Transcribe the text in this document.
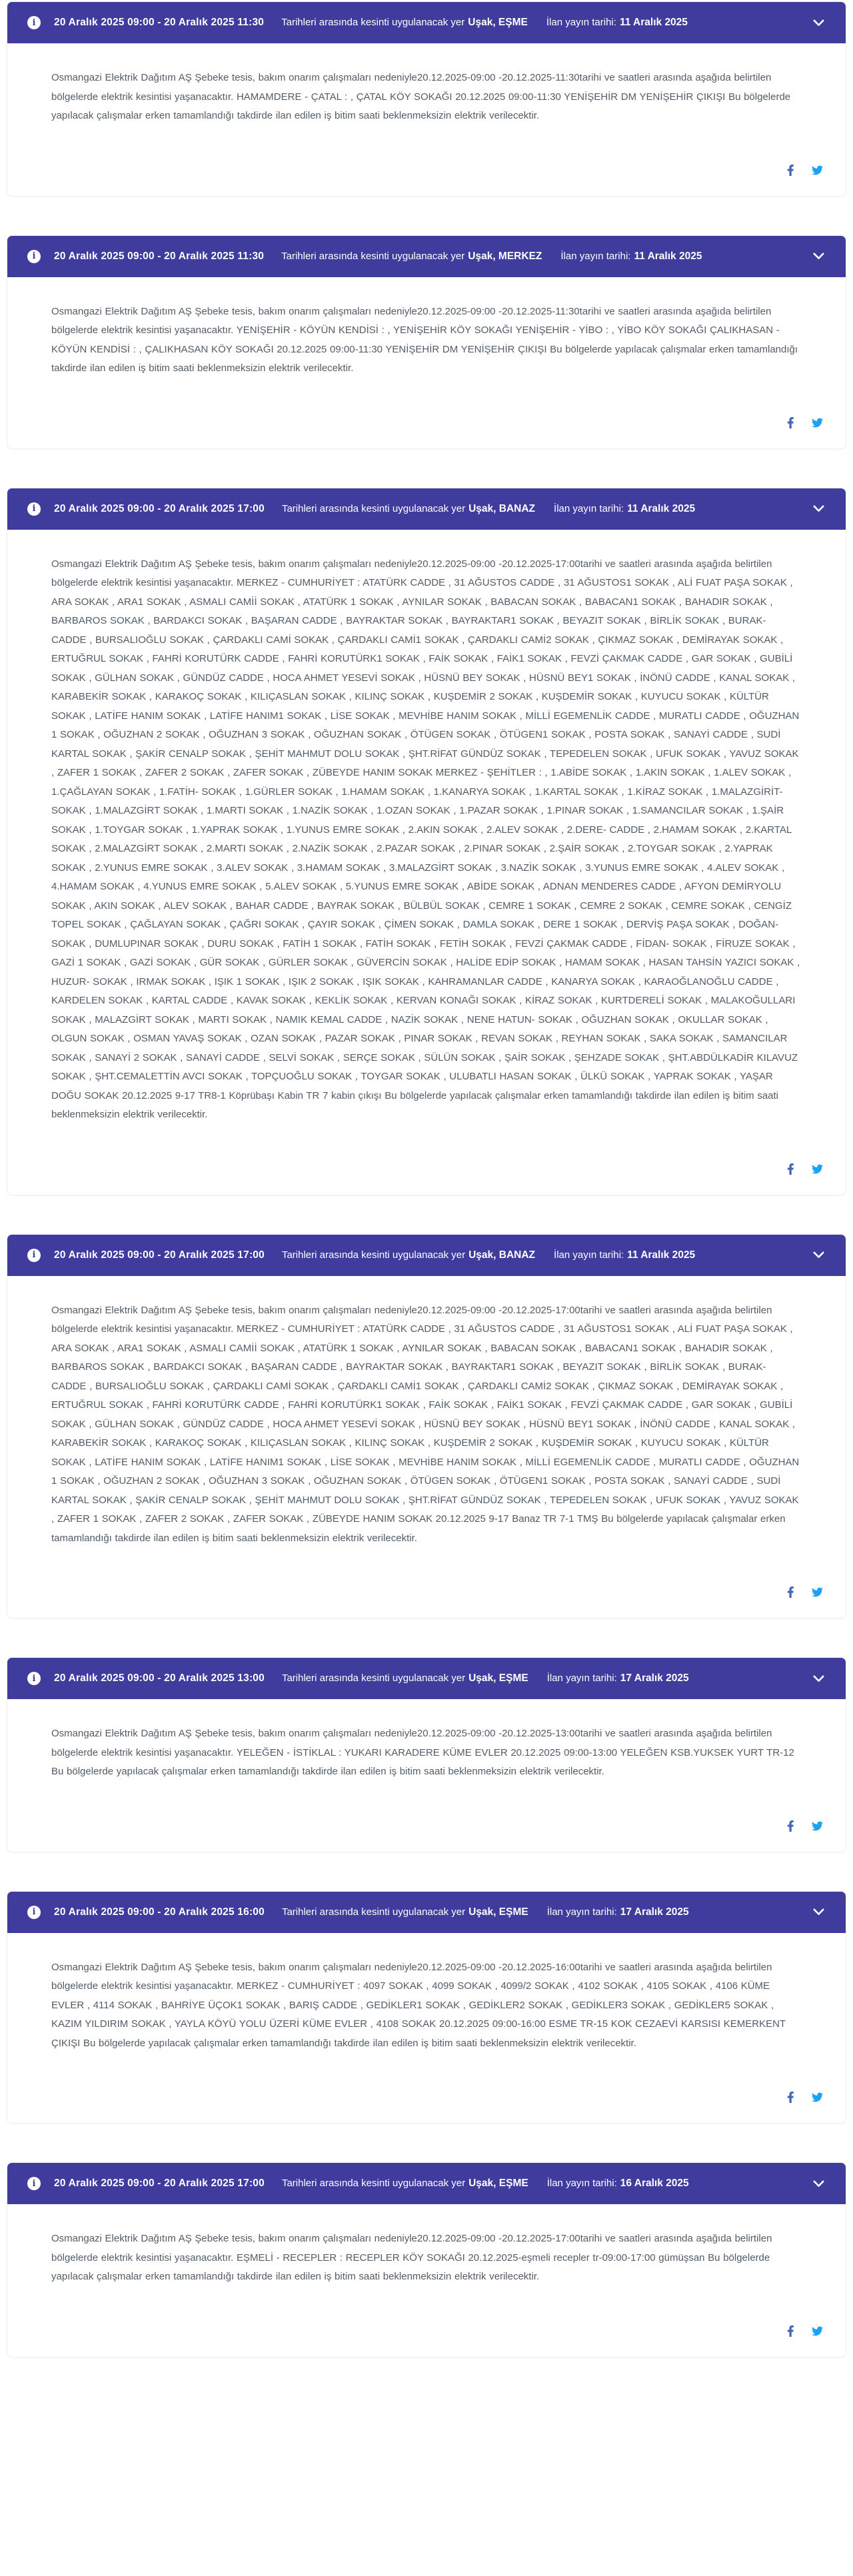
i 20 Aralık 2025 09:00 - 20 Aralık 2025 11:30 Tarihleri arasında kesinti uygulanacak yer Uşak, EŞME İlan yayın tarihi: 11 Aralık 2025
Osmangazi Elektrik Dağıtım AŞ Şebeke tesis, bakım onarım çalışmaları nedeniyle20.12.2025-09:00 -20.12.2025-11:30tarihi ve saatleri arasında aşağıda belirtilen bölgelerde elektrik kesintisi yaşanacaktır. HAMAMDERE - ÇATAL : , ÇATAL KÖY SOKAĞI 20.12.2025 09:00-11:30 YENİŞEHİR DM YENİŞEHİR ÇIKIŞI Bu bölgelerde yapılacak çalışmalar erken tamamlandığı takdirde ilan edilen iş bitim saati beklenmeksizin elektrik verilecektir.
i 20 Aralık 2025 09:00 - 20 Aralık 2025 11:30 Tarihleri arasında kesinti uygulanacak yer Uşak, MERKEZ İlan yayın tarihi: 11 Aralık 2025
Osmangazi Elektrik Dağıtım AŞ Şebeke tesis, bakım onarım çalışmaları nedeniyle20.12.2025-09:00 -20.12.2025-11:30tarihi ve saatleri arasında aşağıda belirtilen bölgelerde elektrik kesintisi yaşanacaktır. YENİŞEHİR - KÖYÜN KENDİSİ : , YENİŞEHİR KÖY SOKAĞI YENİŞEHİR - YİBO : , YİBO KÖY SOKAĞI ÇALIKHASAN - KÖYÜN KENDİSİ : , ÇALIKHASAN KÖY SOKAĞI 20.12.2025 09:00-11:30 YENİŞEHİR DM YENİŞEHİR ÇIKIŞI Bu bölgelerde yapılacak çalışmalar erken tamamlandığı takdirde ilan edilen iş bitim saati beklenmeksizin elektrik verilecektir.
i 20 Aralık 2025 09:00 - 20 Aralık 2025 17:00 Tarihleri arasında kesinti uygulanacak yer Uşak, BANAZ İlan yayın tarihi: 11 Aralık 2025
Osmangazi Elektrik Dağıtım AŞ Şebeke tesis, bakım onarım çalışmaları nedeniyle20.12.2025-09:00 -20.12.2025-17:00tarihi ve saatleri arasında aşağıda belirtilen bölgelerde elektrik kesintisi yaşanacaktır. MERKEZ - CUMHURİYET : ATATÜRK CADDE , 31 AĞUSTOS CADDE , 31 AĞUSTOS1 SOKAK , ALİ FUAT PAŞA SOKAK , ARA SOKAK , ARA1 SOKAK , ASMALI CAMİİ SOKAK , ATATÜRK 1 SOKAK , AYNILAR SOKAK , BABACAN SOKAK , BABACAN1 SOKAK , BAHADIR SOKAK , BARBAROS SOKAK , BARDAKCI SOKAK , BAŞARAN CADDE , BAYRAKTAR SOKAK , BAYRAKTAR1 SOKAK , BEYAZIT SOKAK , BİRLİK SOKAK , BURAK- CADDE , BURSALIOĞLU SOKAK , ÇARDAKLI CAMİ SOKAK , ÇARDAKLI CAMİ1 SOKAK , ÇARDAKLI CAMİ2 SOKAK , ÇIKMAZ SOKAK , DEMİRAYAK SOKAK , ERTUĞRUL SOKAK , FAHRİ KORUTÜRK CADDE , FAHRİ KORUTÜRK1 SOKAK , FAİK SOKAK , FAİK1 SOKAK , FEVZİ ÇAKMAK CADDE , GAR SOKAK , GUBİLİ SOKAK , GÜLHAN SOKAK , GÜNDÜZ CADDE , HOCA AHMET YESEVİ SOKAK , HÜSNÜ BEY SOKAK , HÜSNÜ BEY1 SOKAK , İNÖNÜ CADDE , KANAL SOKAK , KARABEKİR SOKAK , KARAKOÇ SOKAK , KILIÇASLAN SOKAK , KILINÇ SOKAK , KUŞDEMİR 2 SOKAK , KUŞDEMİR SOKAK , KUYUCU SOKAK , KÜLTÜR SOKAK , LATİFE HANIM SOKAK , LATİFE HANIM1 SOKAK , LİSE SOKAK , MEVHİBE HANIM SOKAK , MİLLİ EGEMENLİK CADDE , MURATLI CADDE , OĞUZHAN 1 SOKAK , OĞUZHAN 2 SOKAK , OĞUZHAN 3 SOKAK , OĞUZHAN SOKAK , ÖTÜGEN SOKAK , ÖTÜGEN1 SOKAK , POSTA SOKAK , SANAYİ CADDE , SUDİ KARTAL SOKAK , ŞAKİR CENALP SOKAK , ŞEHİT MAHMUT DOLU SOKAK , ŞHT.RİFAT GÜNDÜZ SOKAK , TEPEDELEN SOKAK , UFUK SOKAK , YAVUZ SOKAK , ZAFER 1 SOKAK , ZAFER 2 SOKAK , ZAFER SOKAK , ZÜBEYDE HANIM SOKAK MERKEZ - ŞEHİTLER : , 1.ABİDE SOKAK , 1.AKIN SOKAK , 1.ALEV SOKAK , 1.ÇAĞLAYAN SOKAK , 1.FATİH- SOKAK , 1.GÜRLER SOKAK , 1.HAMAM SOKAK , 1.KANARYA SOKAK , 1.KARTAL SOKAK , 1.KİRAZ SOKAK , 1.MALAZGİRİT- SOKAK , 1.MALAZGİRT SOKAK , 1.MARTI SOKAK , 1.NAZİK SOKAK , 1.OZAN SOKAK , 1.PAZAR SOKAK , 1.PINAR SOKAK , 1.SAMANCILAR SOKAK , 1.ŞAİR SOKAK , 1.TOYGAR SOKAK , 1.YAPRAK SOKAK , 1.YUNUS EMRE SOKAK , 2.AKIN SOKAK , 2.ALEV SOKAK , 2.DERE- CADDE , 2.HAMAM SOKAK , 2.KARTAL SOKAK , 2.MALAZGİRT SOKAK , 2.MARTI SOKAK , 2.NAZİK SOKAK , 2.PAZAR SOKAK , 2.PINAR SOKAK , 2.ŞAİR SOKAK , 2.TOYGAR SOKAK , 2.YAPRAK SOKAK , 2.YUNUS EMRE SOKAK , 3.ALEV SOKAK , 3.HAMAM SOKAK , 3.MALAZGİRT SOKAK , 3.NAZİK SOKAK , 3.YUNUS EMRE SOKAK , 4.ALEV SOKAK , 4.HAMAM SOKAK , 4.YUNUS EMRE SOKAK , 5.ALEV SOKAK , 5.YUNUS EMRE SOKAK , ABİDE SOKAK , ADNAN MENDERES CADDE , AFYON DEMİRYOLU SOKAK , AKIN SOKAK , ALEV SOKAK , BAHAR CADDE , BAYRAK SOKAK , BÜLBÜL SOKAK , CEMRE 1 SOKAK , CEMRE 2 SOKAK , CEMRE SOKAK , CENGİZ TOPEL SOKAK , ÇAĞLAYAN SOKAK , ÇAĞRI SOKAK , ÇAYIR SOKAK , ÇİMEN SOKAK , DAMLA SOKAK , DERE 1 SOKAK , DERVİŞ PAŞA SOKAK , DOĞAN- SOKAK , DUMLUPINAR SOKAK , DURU SOKAK , FATİH 1 SOKAK , FATİH SOKAK , FETİH SOKAK , FEVZİ ÇAKMAK CADDE , FİDAN- SOKAK , FİRUZE SOKAK , GAZİ 1 SOKAK , GAZİ SOKAK , GÜR SOKAK , GÜRLER SOKAK , GÜVERCİN SOKAK , HALİDE EDİP SOKAK , HAMAM SOKAK , HASAN TAHSİN YAZICI SOKAK , HUZUR- SOKAK , IRMAK SOKAK , IŞIK 1 SOKAK , IŞIK 2 SOKAK , IŞIK SOKAK , KAHRAMANLAR CADDE , KANARYA SOKAK , KARAOĞLANOĞLU CADDE , KARDELEN SOKAK , KARTAL CADDE , KAVAK SOKAK , KEKLİK SOKAK , KERVAN KONAĞI SOKAK , KİRAZ SOKAK , KURTDERELİ SOKAK , MALAKOĞULLARI SOKAK , MALAZGİRT SOKAK , MARTI SOKAK , NAMIK KEMAL CADDE , NAZİK SOKAK , NENE HATUN- SOKAK , OĞUZHAN SOKAK , OKULLAR SOKAK , OLGUN SOKAK , OSMAN YAVAŞ SOKAK , OZAN SOKAK , PAZAR SOKAK , PINAR SOKAK , REVAN SOKAK , REYHAN SOKAK , SAKA SOKAK , SAMANCILAR SOKAK , SANAYİ 2 SOKAK , SANAYİ CADDE , SELVİ SOKAK , SERÇE SOKAK , SÜLÜN SOKAK , ŞAİR SOKAK , ŞEHZADE SOKAK , ŞHT.ABDÜLKADİR KILAVUZ SOKAK , ŞHT.CEMALETTİN AVCI SOKAK , TOPÇUOĞLU SOKAK , TOYGAR SOKAK , ULUBATLI HASAN SOKAK , ÜLKÜ SOKAK , YAPRAK SOKAK , YAŞAR DOĞU SOKAK 20.12.2025 9-17 TR8-1 Köprübaşı Kabin TR 7 kabin çıkışı Bu bölgelerde yapılacak çalışmalar erken tamamlandığı takdirde ilan edilen iş bitim saati beklenmeksizin elektrik verilecektir.
i 20 Aralık 2025 09:00 - 20 Aralık 2025 17:00 Tarihleri arasında kesinti uygulanacak yer Uşak, BANAZ İlan yayın tarihi: 11 Aralık 2025
Osmangazi Elektrik Dağıtım AŞ Şebeke tesis, bakım onarım çalışmaları nedeniyle20.12.2025-09:00 -20.12.2025-17:00tarihi ve saatleri arasında aşağıda belirtilen bölgelerde elektrik kesintisi yaşanacaktır. MERKEZ - CUMHURİYET : ATATÜRK CADDE , 31 AĞUSTOS CADDE , 31 AĞUSTOS1 SOKAK , ALİ FUAT PAŞA SOKAK , ARA SOKAK , ARA1 SOKAK , ASMALI CAMİİ SOKAK , ATATÜRK 1 SOKAK , AYNILAR SOKAK , BABACAN SOKAK , BABACAN1 SOKAK , BAHADIR SOKAK , BARBAROS SOKAK , BARDAKCI SOKAK , BAŞARAN CADDE , BAYRAKTAR SOKAK , BAYRAKTAR1 SOKAK , BEYAZIT SOKAK , BİRLİK SOKAK , BURAK- CADDE , BURSALIOĞLU SOKAK , ÇARDAKLI CAMİ SOKAK , ÇARDAKLI CAMİ1 SOKAK , ÇARDAKLI CAMİ2 SOKAK , ÇIKMAZ SOKAK , DEMİRAYAK SOKAK , ERTUĞRUL SOKAK , FAHRİ KORUTÜRK CADDE , FAHRİ KORUTÜRK1 SOKAK , FAİK SOKAK , FAİK1 SOKAK , FEVZİ ÇAKMAK CADDE , GAR SOKAK , GUBİLİ SOKAK , GÜLHAN SOKAK , GÜNDÜZ CADDE , HOCA AHMET YESEVİ SOKAK , HÜSNÜ BEY SOKAK , HÜSNÜ BEY1 SOKAK , İNÖNÜ CADDE , KANAL SOKAK , KARABEKİR SOKAK , KARAKOÇ SOKAK , KILIÇASLAN SOKAK , KILINÇ SOKAK , KUŞDEMİR 2 SOKAK , KUŞDEMİR SOKAK , KUYUCU SOKAK , KÜLTÜR SOKAK , LATİFE HANIM SOKAK , LATİFE HANIM1 SOKAK , LİSE SOKAK , MEVHİBE HANIM SOKAK , MİLLİ EGEMENLİK CADDE , MURATLI CADDE , OĞUZHAN 1 SOKAK , OĞUZHAN 2 SOKAK , OĞUZHAN 3 SOKAK , OĞUZHAN SOKAK , ÖTÜGEN SOKAK , ÖTÜGEN1 SOKAK , POSTA SOKAK , SANAYİ CADDE , SUDİ KARTAL SOKAK , ŞAKİR CENALP SOKAK , ŞEHİT MAHMUT DOLU SOKAK , ŞHT.RİFAT GÜNDÜZ SOKAK , TEPEDELEN SOKAK , UFUK SOKAK , YAVUZ SOKAK , ZAFER 1 SOKAK , ZAFER 2 SOKAK , ZAFER SOKAK , ZÜBEYDE HANIM SOKAK 20.12.2025 9-17 Banaz TR 7-1 TMŞ Bu bölgelerde yapılacak çalışmalar erken tamamlandığı takdirde ilan edilen iş bitim saati beklenmeksizin elektrik verilecektir.
i 20 Aralık 2025 09:00 - 20 Aralık 2025 13:00 Tarihleri arasında kesinti uygulanacak yer Uşak, EŞME İlan yayın tarihi: 17 Aralık 2025
Osmangazi Elektrik Dağıtım AŞ Şebeke tesis, bakım onarım çalışmaları nedeniyle20.12.2025-09:00 -20.12.2025-13:00tarihi ve saatleri arasında aşağıda belirtilen bölgelerde elektrik kesintisi yaşanacaktır. YELEĞEN - İSTİKLAL : YUKARI KARADERE KÜME EVLER 20.12.2025 09:00-13:00 YELEĞEN KSB.YUKSEK YURT TR-12 Bu bölgelerde yapılacak çalışmalar erken tamamlandığı takdirde ilan edilen iş bitim saati beklenmeksizin elektrik verilecektir.
i 20 Aralık 2025 09:00 - 20 Aralık 2025 16:00 Tarihleri arasında kesinti uygulanacak yer Uşak, EŞME İlan yayın tarihi: 17 Aralık 2025
Osmangazi Elektrik Dağıtım AŞ Şebeke tesis, bakım onarım çalışmaları nedeniyle20.12.2025-09:00 -20.12.2025-16:00tarihi ve saatleri arasında aşağıda belirtilen bölgelerde elektrik kesintisi yaşanacaktır. MERKEZ - CUMHURİYET : 4097 SOKAK , 4099 SOKAK , 4099/2 SOKAK , 4102 SOKAK , 4105 SOKAK , 4106 KÜME EVLER , 4114 SOKAK , BAHRİYE ÜÇOK1 SOKAK , BARIŞ CADDE , GEDİKLER1 SOKAK , GEDİKLER2 SOKAK , GEDİKLER3 SOKAK , GEDİKLER5 SOKAK , KAZIM YILDIRIM SOKAK , YAYLA KÖYÜ YOLU ÜZERİ KÜME EVLER , 4108 SOKAK 20.12.2025 09:00-16:00 ESME TR-15 KOK CEZAEVİ KARSISI KEMERKENT ÇIKIŞI Bu bölgelerde yapılacak çalışmalar erken tamamlandığı takdirde ilan edilen iş bitim saati beklenmeksizin elektrik verilecektir.
i 20 Aralık 2025 09:00 - 20 Aralık 2025 17:00 Tarihleri arasında kesinti uygulanacak yer Uşak, EŞME İlan yayın tarihi: 16 Aralık 2025
Osmangazi Elektrik Dağıtım AŞ Şebeke tesis, bakım onarım çalışmaları nedeniyle20.12.2025-09:00 -20.12.2025-17:00tarihi ve saatleri arasında aşağıda belirtilen bölgelerde elektrik kesintisi yaşanacaktır. EŞMELİ - RECEPLER : RECEPLER KÖY SOKAĞI 20.12.2025-eşmeli recepler tr-09:00-17:00 gümüşsan Bu bölgelerde yapılacak çalışmalar erken tamamlandığı takdirde ilan edilen iş bitim saati beklenmeksizin elektrik verilecektir.
